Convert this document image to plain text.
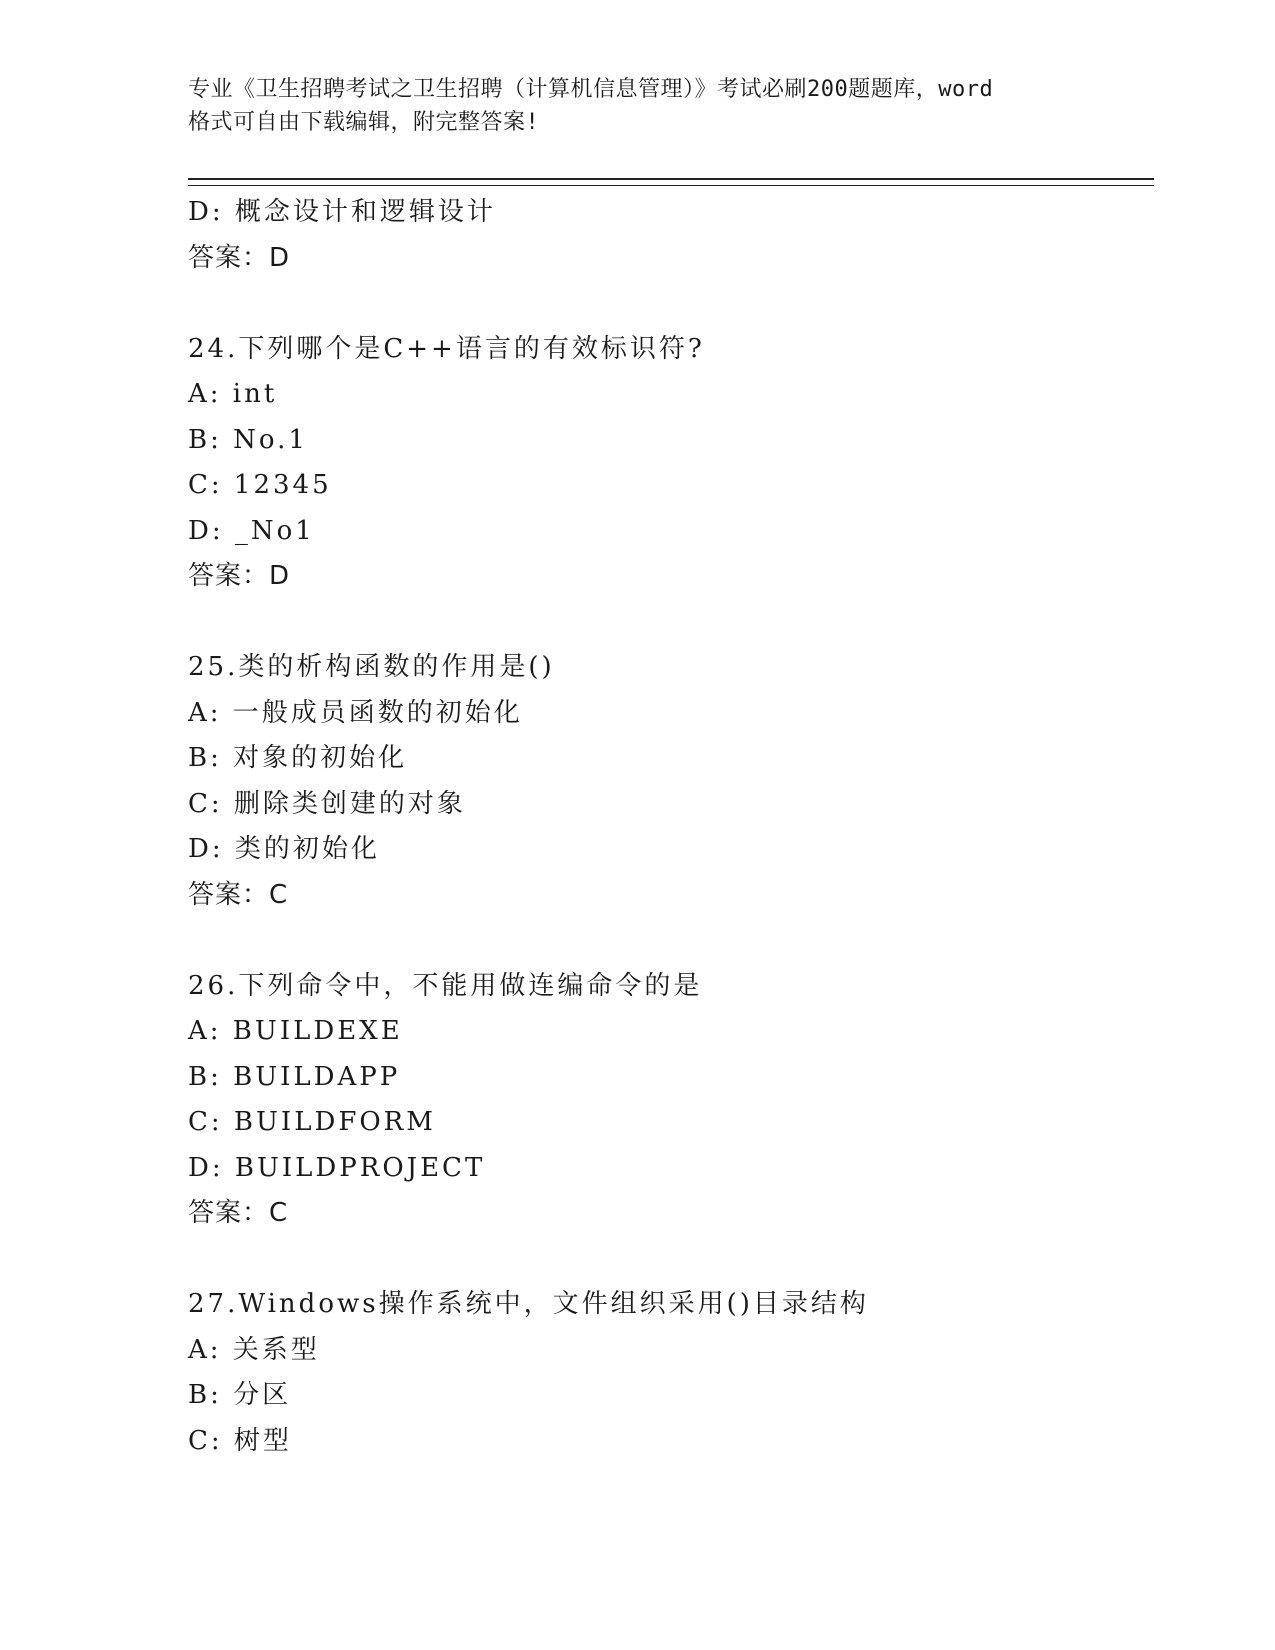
专业《卫生招聘考试之卫生招聘（计算机信息管理）》考试必刷200题题库，word
格式可自由下载编辑，附完整答案!
D: 概念设计和逻辑设计
答案：D
24.下列哪个是C++语言的有效标识符?
A: int
B: No.1
C: 12345
D: _No1
答案：D
25.类的析构函数的作用是()
A: 一般成员函数的初始化
B: 对象的初始化
C: 删除类创建的对象
D: 类的初始化
答案：C
26.下列命令中，不能用做连编命令的是
A: BUILDEXE
B: BUILDAPP
C: BUILDFORM
D: BUILDPROJECT
答案：C
27.Windows操作系统中，文件组织采用()目录结构
A: 关系型
B: 分区
C: 树型
